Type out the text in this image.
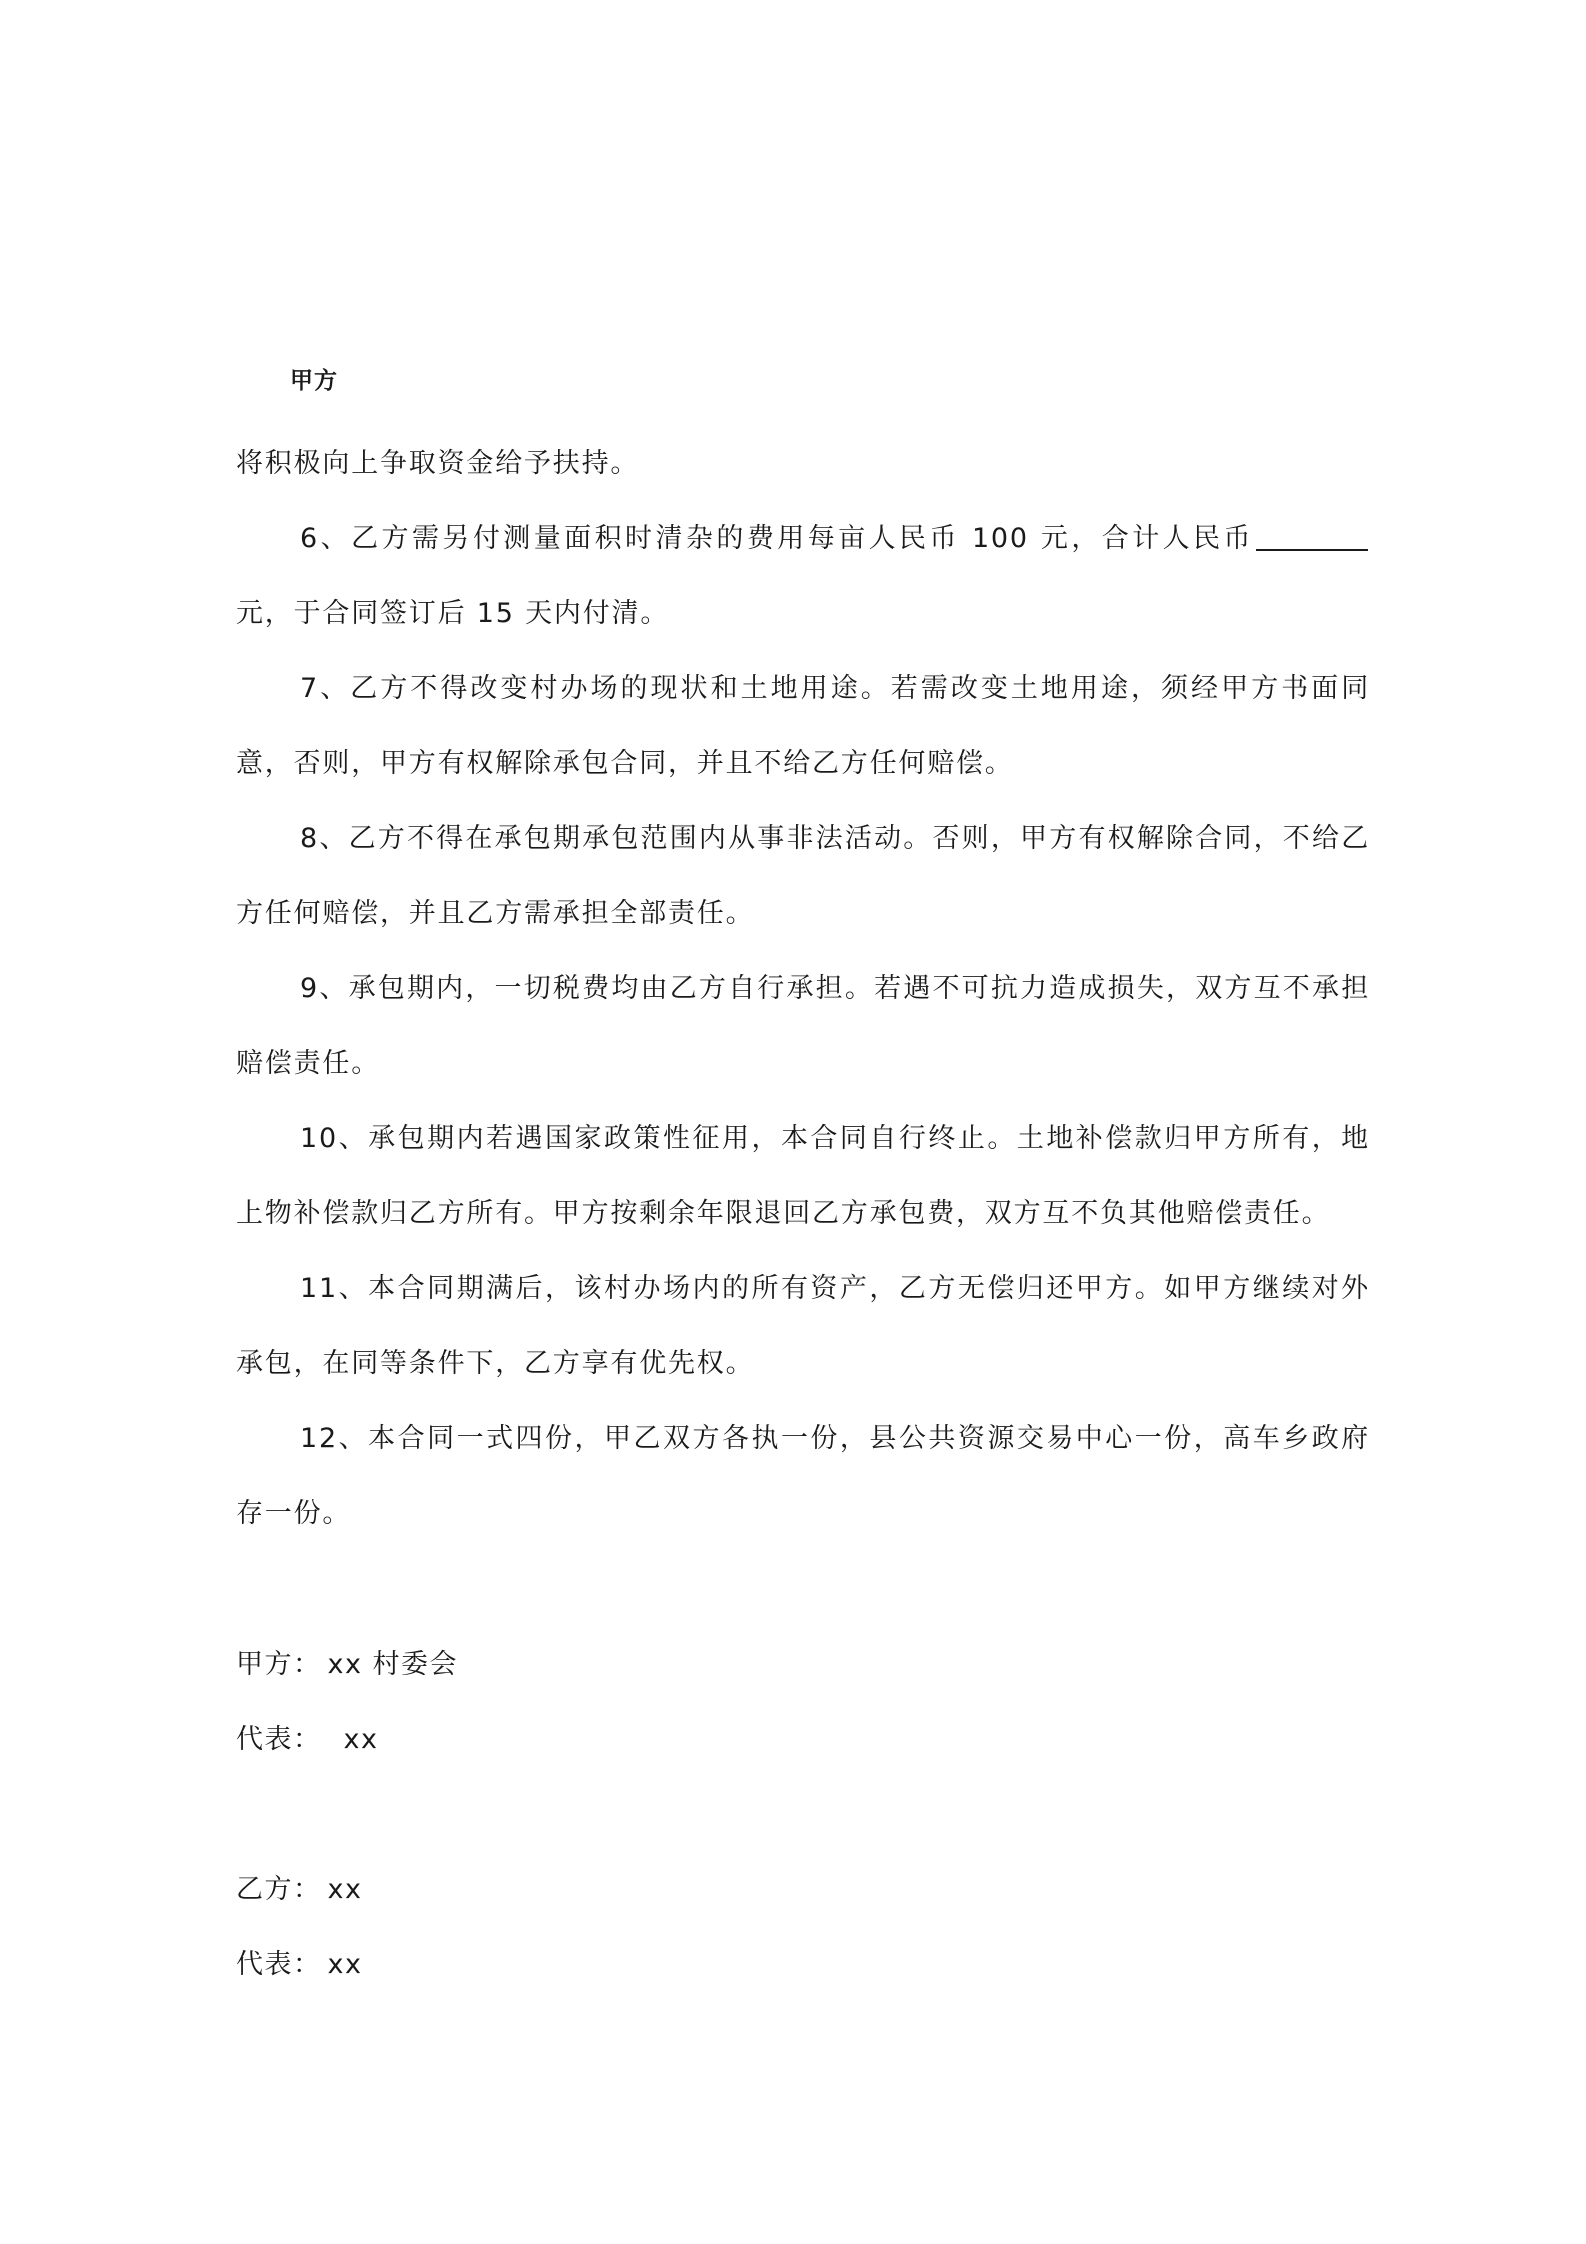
甲方

将积极向上争取资金给予扶持。

6、乙方需另付测量面积时清杂的费用每亩人民币 100 元，合计人民币元，于合同签订后 15 天内付清。

7、乙方不得改变村办场的现状和土地用途。若需改变土地用途，须经甲方书面同意，否则，甲方有权解除承包合同，并且不给乙方任何赔偿。

8、乙方不得在承包期承包范围内从事非法活动。否则，甲方有权解除合同，不给乙方任何赔偿，并且乙方需承担全部责任。

9、承包期内，一切税费均由乙方自行承担。若遇不可抗力造成损失，双方互不承担赔偿责任。

10、承包期内若遇国家政策性征用，本合同自行终止。土地补偿款归甲方所有，地上物补偿款归乙方所有。甲方按剩余年限退回乙方承包费，双方互不负其他赔偿责任。

11、本合同期满后，该村办场内的所有资产，乙方无偿归还甲方。如甲方继续对外承包，在同等条件下，乙方享有优先权。

12、本合同一式四份，甲乙双方各执一份，县公共资源交易中心一份，高车乡政府存一份。

甲方： xx 村委会
代表： xx
乙方： xx
代表： xx
